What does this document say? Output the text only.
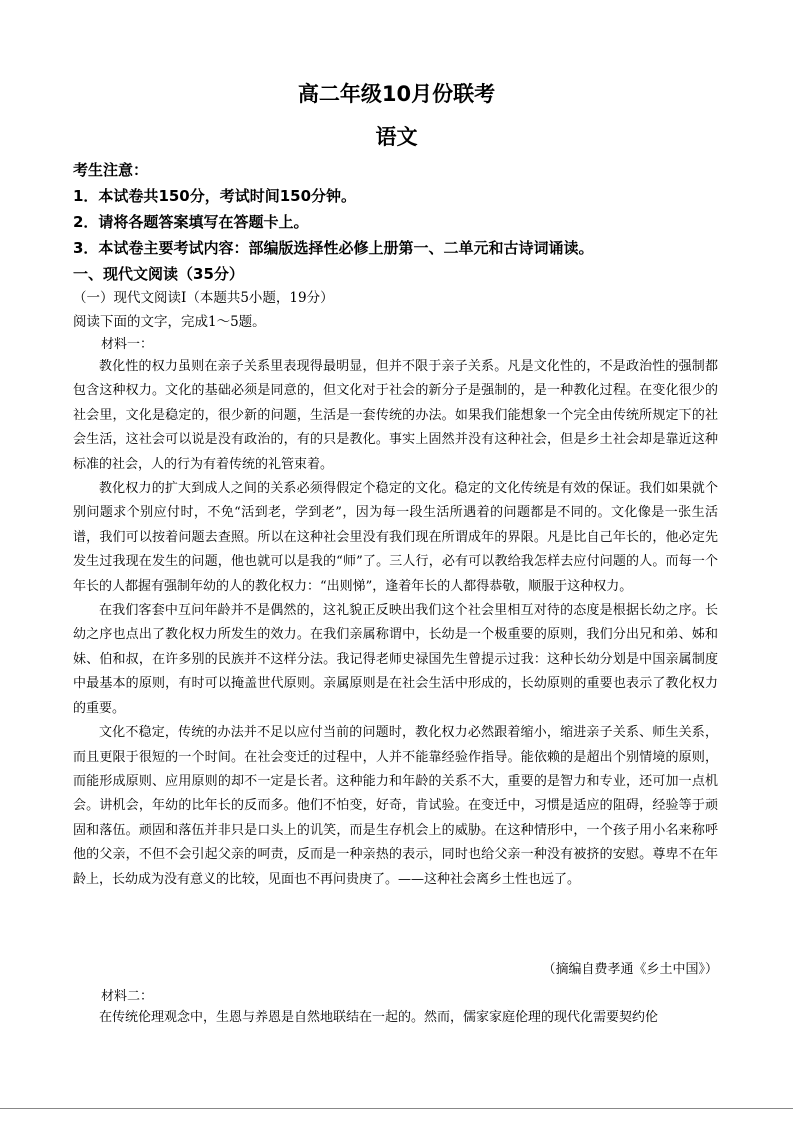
高二年级10月份联考
语文
考生注意：
1．本试卷共150分，考试时间150分钟。
2．请将各题答案填写在答题卡上。
3．本试卷主要考试内容：部编版选择性必修上册第一、二单元和古诗词诵读。
一、现代文阅读（35分）
（一）现代文阅读Ⅰ（本题共5小题，19分）
阅读下面的文字，完成1～5题。
材料一：

教化性的权力虽则在亲子关系里表现得最明显，但并不限于亲子关系。凡是文化性的，不是政治性的强制都包含这种权力。文化的基础必须是同意的，但文化对于社会的新分子是强制的，是一种教化过程。在变化很少的社会里，文化是稳定的，很少新的问题，生活是一套传统的办法。如果我们能想象一个完全由传统所规定下的社会生活，这社会可以说是没有政治的，有的只是教化。事实上固然并没有这种社会，但是乡土社会却是靠近这种标准的社会，人的行为有着传统的礼管束着。

教化权力的扩大到成人之间的关系必须得假定个稳定的文化。稳定的文化传统是有效的保证。我们如果就个别问题求个别应付时，不免“活到老，学到老”，因为每一段生活所遇着的问题都是不同的。文化像是一张生活谱，我们可以按着问题去查照。所以在这种社会里没有我们现在所谓成年的界限。凡是比自己年长的，他必定先发生过我现在发生的问题，他也就可以是我的“师”了。三人行，必有可以教给我怎样去应付问题的人。而每一个年长的人都握有强制年幼的人的教化权力：“出则悌”，逢着年长的人都得恭敬，顺服于这种权力。

在我们客套中互问年龄并不是偶然的，这礼貌正反映出我们这个社会里相互对待的态度是根据长幼之序。长幼之序也点出了教化权力所发生的效力。在我们亲属称谓中，长幼是一个极重要的原则，我们分出兄和弟、姊和妹、伯和叔，在许多别的民族并不这样分法。我记得老师史禄国先生曾提示过我：这种长幼分划是中国亲属制度中最基本的原则，有时可以掩盖世代原则。亲属原则是在社会生活中形成的，长幼原则的重要也表示了教化权力的重要。

文化不稳定，传统的办法并不足以应付当前的问题时，教化权力必然跟着缩小，缩进亲子关系、师生关系，而且更限于很短的一个时间。在社会变迁的过程中，人并不能靠经验作指导。能依赖的是超出个别情境的原则，而能形成原则、应用原则的却不一定是长者。这种能力和年龄的关系不大，重要的是智力和专业，还可加一点机会。讲机会，年幼的比年长的反而多。他们不怕变，好奇，肯试验。在变迁中，习惯是适应的阻碍，经验等于顽固和落伍。顽固和落伍并非只是口头上的讥笑，而是生存机会上的威胁。在这种情形中，一个孩子用小名来称呼他的父亲，不但不会引起父亲的呵责，反而是一种亲热的表示，同时也给父亲一种没有被挤的安慰。尊卑不在年龄上，长幼成为没有意义的比较，见面也不再问贵庚了。——这种社会离乡土性也远了。

（摘编自费孝通《乡土中国》）
材料二：

在传统伦理观念中，生恩与养恩是自然地联结在一起的。然而，儒家家庭伦理的现代化需要契约伦
